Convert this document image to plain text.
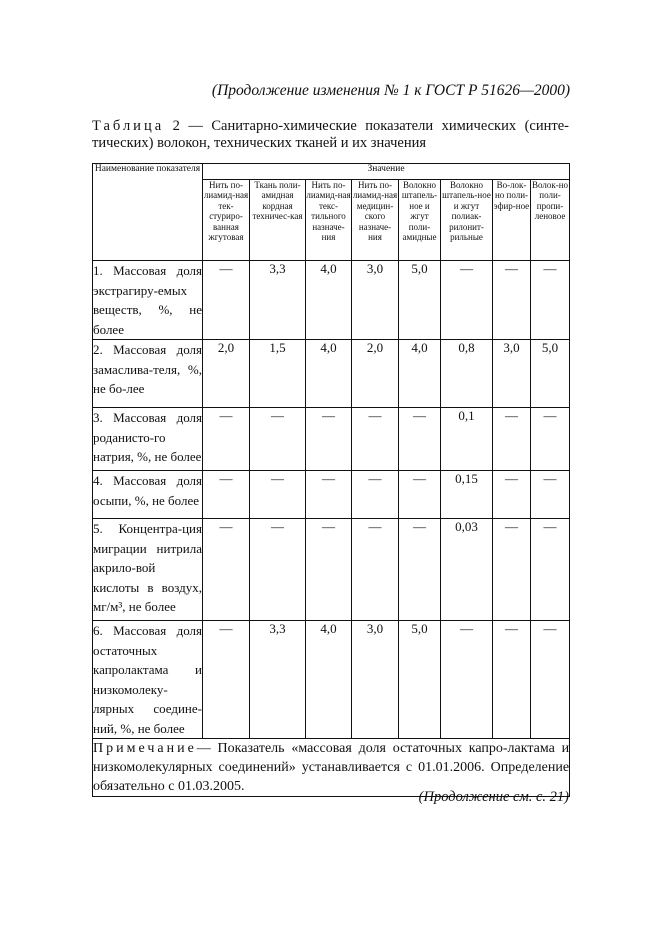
(Продолжение изменения № 1 к ГОСТ Р 51626—2000)
Таблица 2 — Санитарно-химические показатели химических (синте- тических) волокон, технических тканей и их значения
Наименование показателя	Значение							
	Нить по-лиамид-ная тек-стуриро-ванная жгутовая	Ткань поли-амидная кордная техничес-кая	Нить по-лиамид-ная текс-тильного назначе-ния	Нить по-лиамид-ная медицин-ского назначе-ния	Волокно штапель-ное и жгут поли-амидные	Волокно штапель-ное и жгут полиак-рилонит-рильные	Во-лок-но поли-эфир-ное	Волок-но поли-пропи-леновое
1. Массовая доля экстрагиру-емых веществ, %, не более	—	3,3	4,0	3,0	5,0	—	—	—
2. Массовая доля замаслива-теля, %, не бо-лее	2,0	1,5	4,0	2,0	4,0	0,8	3,0	5,0
3. Массовая доля роданисто-го натрия, %, не более	—	—	—	—	—	0,1	—	—
4. Массовая доля осыпи, %, не более	—	—	—	—	—	0,15	—	—
5. Концентра-ция миграции нитрила акрило-вой кислоты в воздух, мг/м³, не более	—	—	—	—	—	0,03	—	—
6. Массовая доля остаточных капролактама и низкомолеку-лярных соедине-ний, %, не более	—	3,3	4,0	3,0	5,0	—	—	—
Примечание— Показатель «массовая доля остаточных капро-лактама и низкомолекулярных соединений» устанавливается с 01.01.2006. Определение обязательно с 01.03.2005.								
(Продолжение см. с. 21)
